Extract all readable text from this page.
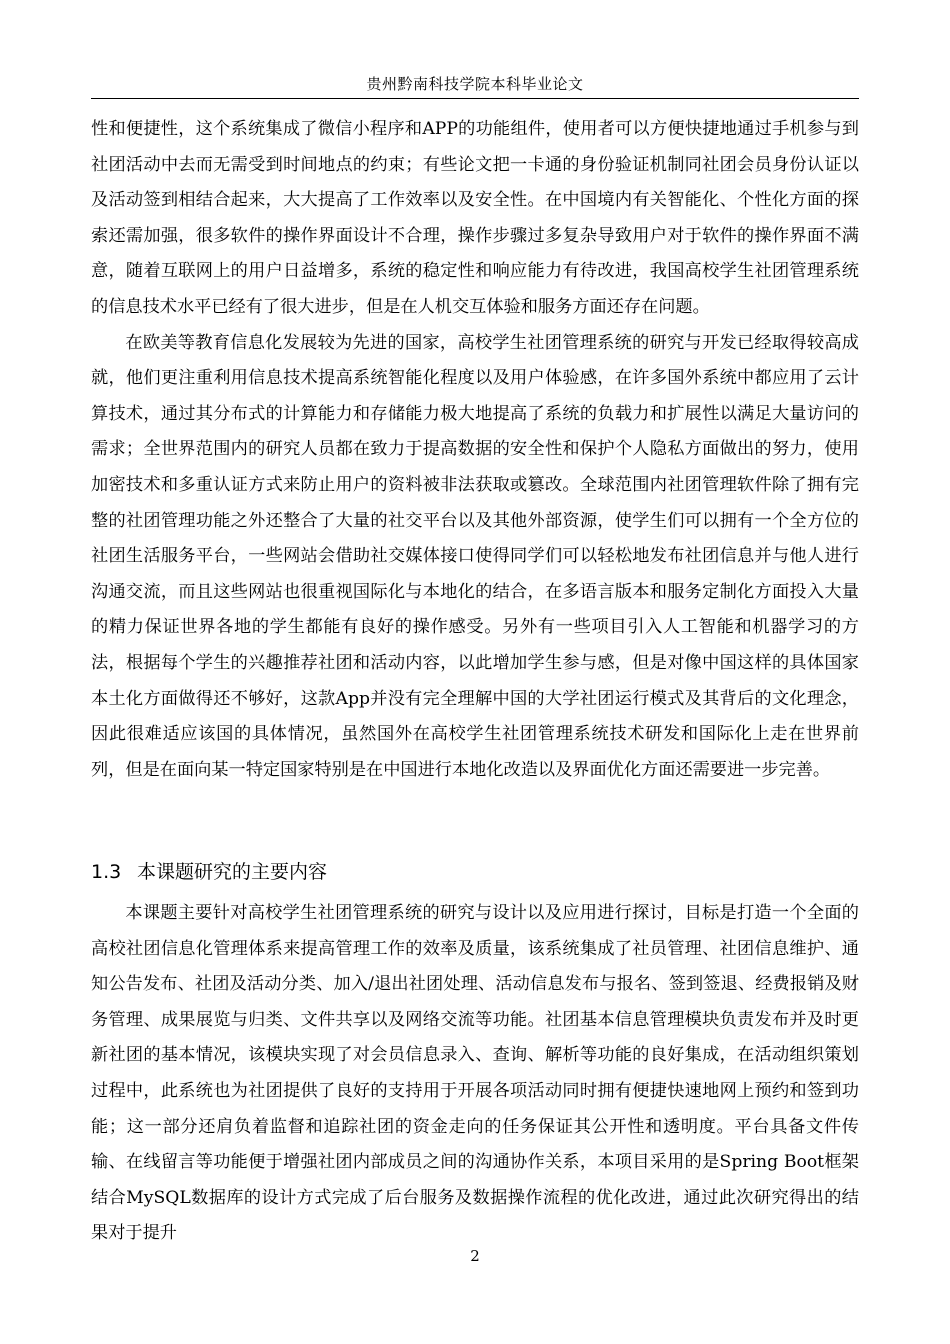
贵州黔南科技学院本科毕业论文

性和便捷性，这个系统集成了微信小程序和APP的功能组件，使用者可以方便快捷地通过手机参与到社团活动中去而无需受到时间地点的约束；有些论文把一卡通的身份验证机制同社团会员身份认证以及活动签到相结合起来，大大提高了工作效率以及安全性。在中国境内有关智能化、个性化方面的探索还需加强，很多软件的操作界面设计不合理，操作步骤过多复杂导致用户对于软件的操作界面不满意，随着互联网上的用户日益增多，系统的稳定性和响应能力有待改进，我国高校学生社团管理系统的信息技术水平已经有了很大进步，但是在人机交互体验和服务方面还存在问题。

在欧美等教育信息化发展较为先进的国家，高校学生社团管理系统的研究与开发已经取得较高成就，他们更注重利用信息技术提高系统智能化程度以及用户体验感，在许多国外系统中都应用了云计算技术，通过其分布式的计算能力和存储能力极大地提高了系统的负载力和扩展性以满足大量访问的需求；全世界范围内的研究人员都在致力于提高数据的安全性和保护个人隐私方面做出的努力，使用加密技术和多重认证方式来防止用户的资料被非法获取或篡改。全球范围内社团管理软件除了拥有完整的社团管理功能之外还整合了大量的社交平台以及其他外部资源，使学生们可以拥有一个全方位的社团生活服务平台，一些网站会借助社交媒体接口使得同学们可以轻松地发布社团信息并与他人进行沟通交流，而且这些网站也很重视国际化与本地化的结合，在多语言版本和服务定制化方面投入大量的精力保证世界各地的学生都能有良好的操作感受。另外有一些项目引入人工智能和机器学习的方法，根据每个学生的兴趣推荐社团和活动内容，以此增加学生参与感，但是对像中国这样的具体国家本土化方面做得还不够好，这款App并没有完全理解中国的大学社团运行模式及其背后的文化理念，因此很难适应该国的具体情况，虽然国外在高校学生社团管理系统技术研发和国际化上走在世界前列，但是在面向某一特定国家特别是在中国进行本地化改造以及界面优化方面还需要进一步完善。

1.3 本课题研究的主要内容

本课题主要针对高校学生社团管理系统的研究与设计以及应用进行探讨，目标是打造一个全面的高校社团信息化管理体系来提高管理工作的效率及质量，该系统集成了社员管理、社团信息维护、通知公告发布、社团及活动分类、加入/退出社团处理、活动信息发布与报名、签到签退、经费报销及财务管理、成果展览与归类、文件共享以及网络交流等功能。社团基本信息管理模块负责发布并及时更新社团的基本情况，该模块实现了对会员信息录入、查询、解析等功能的良好集成，在活动组织策划过程中，此系统也为社团提供了良好的支持用于开展各项活动同时拥有便捷快速地网上预约和签到功能；这一部分还肩负着监督和追踪社团的资金走向的任务保证其公开性和透明度。平台具备文件传输、在线留言等功能便于增强社团内部成员之间的沟通协作关系，本项目采用的是Spring Boot框架结合MySQL数据库的设计方式完成了后台服务及数据操作流程的优化改进，通过此次研究得出的结果对于提升

2
